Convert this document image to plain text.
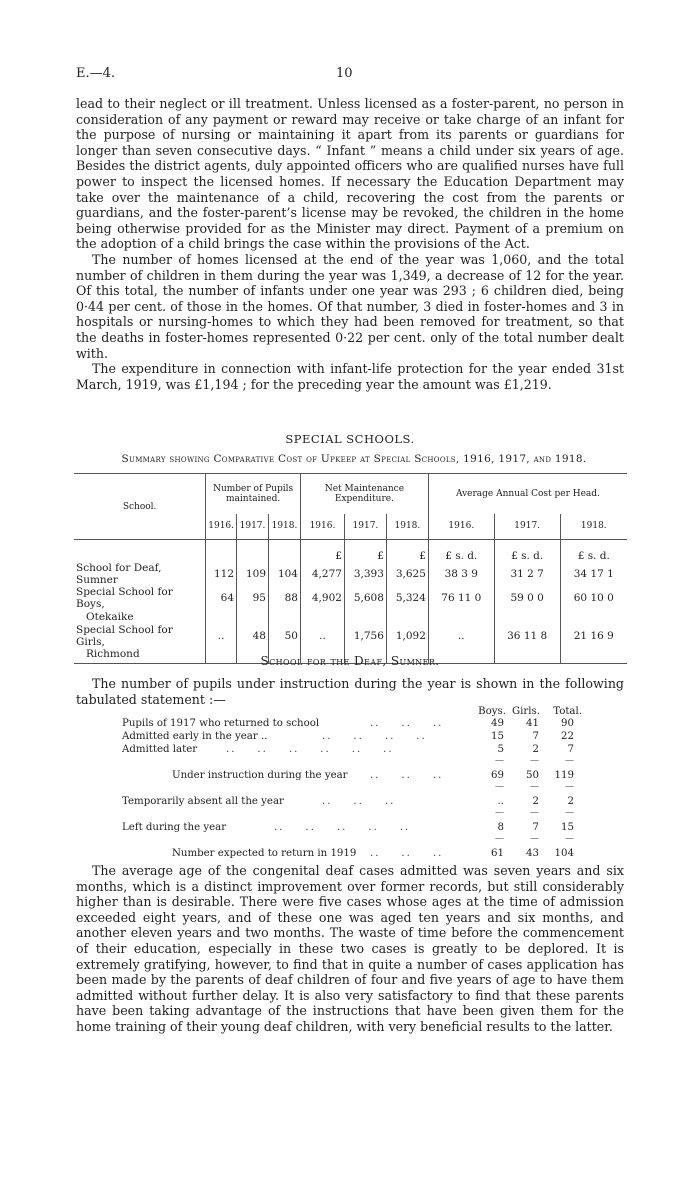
E.—4.	10

lead to their neglect or ill treatment. Unless licensed as a foster-parent, no person in consideration of any payment or reward may receive or take charge of an infant for the purpose of nursing or maintaining it apart from its parents or guardians for longer than seven consecutive days. “ Infant ” means a child under six years of age. Besides the district agents, duly appointed officers who are qualified nurses have full power to inspect the licensed homes. If necessary the Education Department may take over the maintenance of a child, recovering the cost from the parents or guardians, and the foster-parent’s license may be revoked, the children in the home being otherwise provided for as the Minister may direct. Payment of a premium on the adoption of a child brings the case within the provisions of the Act.

The number of homes licensed at the end of the year was 1,060, and the total number of children in them during the year was 1,349, a decrease of 12 for the year. Of this total, the number of infants under one year was 293 ; 6 children died, being 0·44 per cent. of those in the homes. Of that number, 3 died in foster-homes and 3 in hospitals or nursing-homes to which they had been removed for treatment, so that the deaths in foster-homes represented 0·22 per cent. only of the total number dealt with.

The expenditure in connection with infant-life protection for the year ended 31st March, 1919, was £1,194 ; for the preceding year the amount was £1,219.

SPECIAL SCHOOLS.
Summary showing Comparative Cost of Upkeep at Special Schools, 1916, 1917, and 1918.
School.	Number of Pupils maintained.			Net Maintenance Expenditure.			Average Annual Cost per Head.		
	1916.	1917.	1918.	1916.	1917.	1918.	1916.	1917.	1918.
				£	£	£	£ s. d.	£ s. d.	£ s. d.
School for Deaf, Sumner	112	109	104	4,277	3,393	3,625	38 3 9	31 2 7	34 17 1
Special School for Boys,	64	95	88	4,902	5,608	5,324	76 11 0	59 0 0	60 10 0
Otekaike									
Special School for Girls,	..	48	50	..	1,756	1,092	..	36 11 8	21 16 9
Richmond									
School for the Deaf, Sumner.

The number of pupils under instruction during the year is shown in the following tabulated statement :—

Boys. Girls. Total.
Pupils of 1917 who returned to school	..    ..    ..	49	41	90
Admitted early in the year ..	..    ..    ..    ..	15	7	22
Admitted later	..    ..    ..    ..    ..    ..	5	2	7
—	—	—
Under instruction during the year ..    ..    ..	69	50	119
—	—	—
Temporarily absent all the year	..    ..    ..	..	2	2
—	—	—
Left during the year	..    ..    ..    ..    ..	8	7	15
—	—	—
Number expected to return in 1919 ..    ..    ..	61	43	104

The average age of the congenital deaf cases admitted was seven years and six months, which is a distinct improvement over former records, but still considerably higher than is desirable. There were five cases whose ages at the time of admission exceeded eight years, and of these one was aged ten years and six months, and another eleven years and two months. The waste of time before the commencement of their education, especially in these two cases is greatly to be deplored. It is extremely gratifying, however, to find that in quite a number of cases application has been made by the parents of deaf children of four and five years of age to have them admitted without further delay. It is also very satisfactory to find that these parents have been taking advantage of the instructions that have been given them for the home training of their young deaf children, with very beneficial results to the latter.
